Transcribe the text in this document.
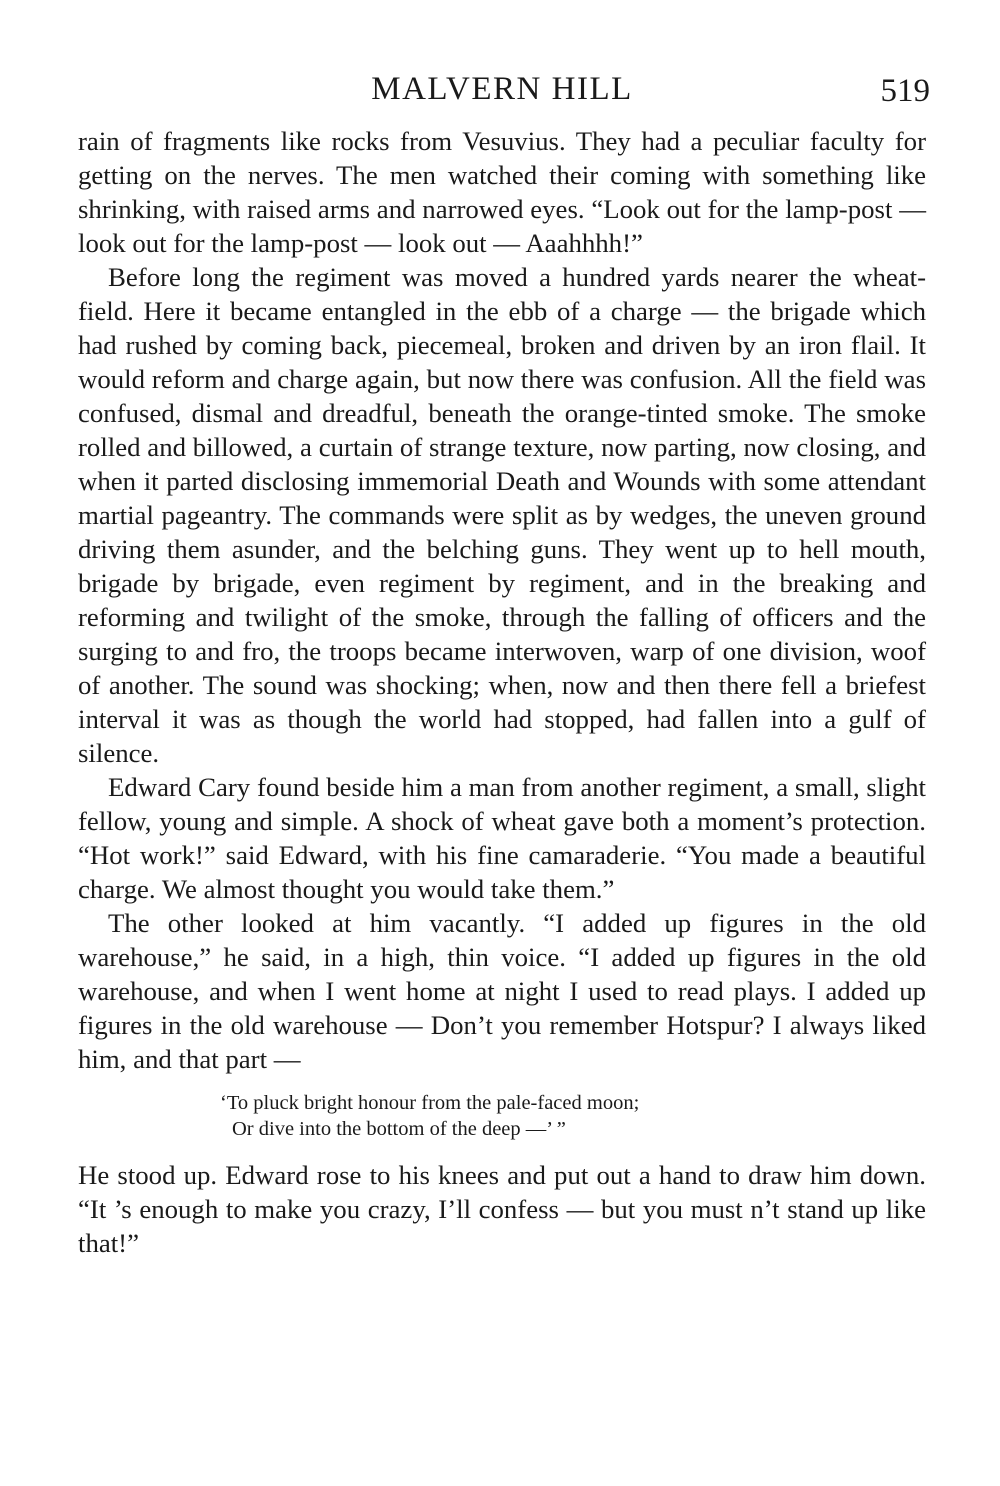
MALVERN HILL	519

rain of fragments like rocks from Vesuvius. They had a peculiar faculty for getting on the nerves. The men watched their coming with something like shrinking, with raised arms and narrowed eyes. “Look out for the lamp-post — look out for the lamp-post — look out — Aaahhhh!”

Before long the regiment was moved a hundred yards nearer the wheat-field. Here it became entangled in the ebb of a charge — the brigade which had rushed by coming back, piecemeal, broken and driven by an iron flail. It would reform and charge again, but now there was confusion. All the field was confused, dismal and dreadful, beneath the orange-tinted smoke. The smoke rolled and billowed, a curtain of strange texture, now parting, now closing, and when it parted disclosing immemorial Death and Wounds with some attendant martial pageantry. The commands were split as by wedges, the uneven ground driving them asunder, and the belching guns. They went up to hell mouth, brigade by brigade, even regiment by regiment, and in the breaking and reforming and twilight of the smoke, through the falling of officers and the surging to and fro, the troops became interwoven, warp of one division, woof of another. The sound was shocking; when, now and then there fell a briefest interval it was as though the world had stopped, had fallen into a gulf of silence.

Edward Cary found beside him a man from another regiment, a small, slight fellow, young and simple. A shock of wheat gave both a moment’s protection. “Hot work!” said Edward, with his fine camaraderie. “You made a beautiful charge. We almost thought you would take them.”

The other looked at him vacantly. “I added up figures in the old warehouse,” he said, in a high, thin voice. “I added up figures in the old warehouse, and when I went home at night I used to read plays. I added up figures in the old warehouse — Don’t you remember Hotspur? I always liked him, and that part —

‘To pluck bright honour from the pale-faced moon;
Or dive into the bottom of the deep —’ ”

He stood up. Edward rose to his knees and put out a hand to draw him down. “It ’s enough to make you crazy, I’ll confess — but you must n’t stand up like that!”
